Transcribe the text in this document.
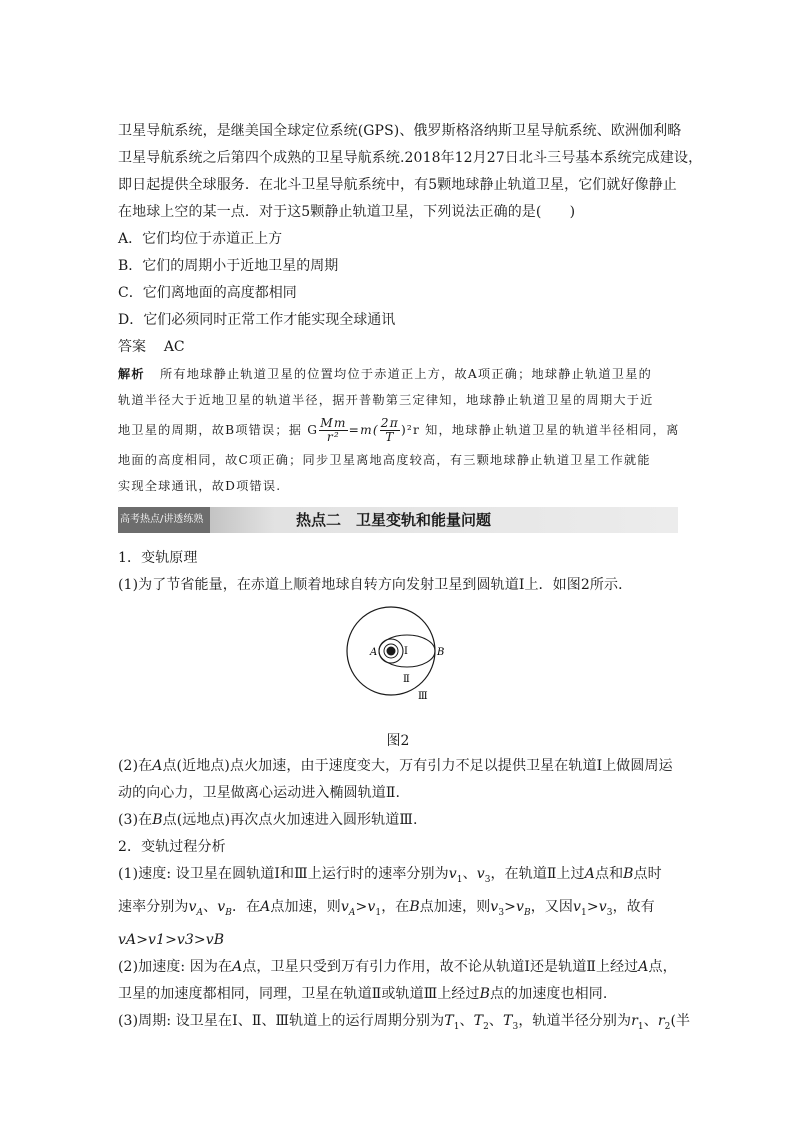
卫星导航系统，是继美国全球定位系统(GPS)、俄罗斯格洛纳斯卫星导航系统、欧洲伽利略

卫星导航系统之后第四个成熟的卫星导航系统.2018年12月27日北斗三号基本系统完成建设，

即日起提供全球服务．在北斗卫星导航系统中，有5颗地球静止轨道卫星，它们就好像静止

在地球上空的某一点．对于这5颗静止轨道卫星，下列说法正确的是(　　)

A．它们均位于赤道正上方

B．它们的周期小于近地卫星的周期

C．它们离地面的高度都相同

D．它们必须同时正常工作才能实现全球通讯

答案 AC

解析 所有地球静止轨道卫星的位置均位于赤道正上方，故A项正确；地球静止轨道卫星的

轨道半径大于近地卫星的轨道半径，据开普勒第三定律知，地球静止轨道卫星的周期大于近

地卫星的周期，故B项错误；据 G $\frac{Mm}{\text{r²}} =m( \frac{2\pi}{T} )^2r$ 知，地球静止轨道卫星的轨道半径相同，离

地面的高度相同，故C项正确；同步卫星离地高度较高，有三颗地球静止轨道卫星工作就能

实现全球通讯，故D项错误.

高考热点/讲透练熟	热点二　卫星变轨和能量问题

1．变轨原理

(1)为了节省能量，在赤道上顺着地球自转方向发射卫星到圆轨道Ⅰ上．如图2所示．

A	B
Ⅰ
Ⅱ
Ⅲ

图2

(2)在A点(近地点)点火加速，由于速度变大，万有引力不足以提供卫星在轨道Ⅰ上做圆周运

动的向心力，卫星做离心运动进入椭圆轨道Ⅱ.

(3)在B点(远地点)再次点火加速进入圆形轨道Ⅲ.

2．变轨过程分析

(1)速度: 设卫星在圆轨道Ⅰ和Ⅲ上运行时的速率分别为$v_1$、$v_3$，在轨道Ⅱ上过A点和B点时

速率分别为$v_A$、$v_B$．在A点加速，则$v_A>v_1$，在B点加速，则$v_3>v_B$，又因$v_1>v_3$，故有

vA>v1>v3>vB

(2)加速度: 因为在A点，卫星只受到万有引力作用，故不论从轨道Ⅰ还是轨道Ⅱ上经过A点，

卫星的加速度都相同，同理，卫星在轨道Ⅱ或轨道Ⅲ上经过B点的加速度也相同.

(3)周期: 设卫星在Ⅰ、Ⅱ、Ⅲ轨道上的运行周期分别为$T_1$、$T_2$、$T_3$，轨道半径分别为$r_1$、$r_2$(半
